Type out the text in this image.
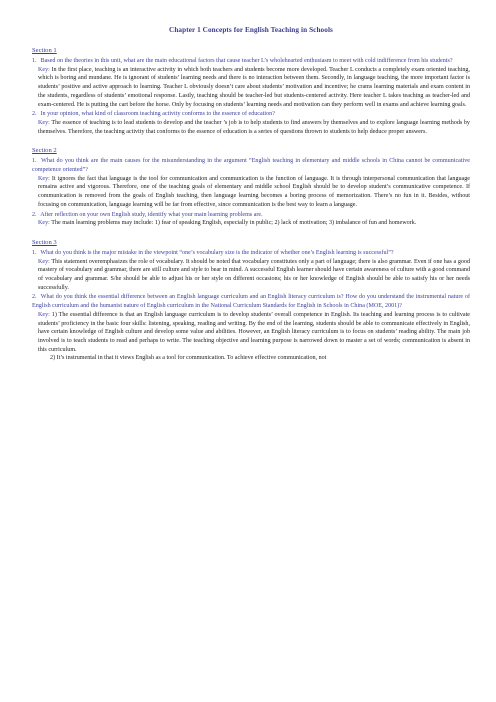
Chapter 1 Concepts for English Teaching in Schools
Section 1
1. Based on the theories in this unit, what are the main educational factors that cause teacher L’s wholehearted enthusiasm to meet with cold indifference from his students?
Key: In the first place, teaching is an interactive activity in which both teachers and students become more developed. Teacher L conducts a completely exam oriented teaching, which is boring and mundane. He is ignorant of students’ learning needs and there is no interaction between them. Secondly, in language teaching, the more important factor is students’ positive and active approach to learning. Teacher L obviously doesn’t care about students’ motivation and incentive; he crams learning materials and exam content in the students, regardless of students’ emotional response. Lastly, teaching should be teacher-led but students-centered activity. Here teacher L takes teaching as teacher-led and exam-centered. He is putting the cart before the horse. Only by focusing on students’ learning needs and motivation can they perform well in exams and achieve learning goals.
2. In your opinion, what kind of classroom teaching activity conforms to the essence of education?
Key: The essence of teaching is to lead students to develop and the teacher ’s job is to help students to find answers by themselves and to explore language learning methods by themselves. Therefore, the teaching activity that conforms to the essence of education is a series of questions thrown to students to help deduce proper answers.
Section 2
1. What do you think are the main causes for the misunderstanding in the argument “English teaching in elementary and middle schools in China cannot be communicative competence oriented”?
Key: It ignores the fact that language is the tool for communication and communication is the function of language. It is through interpersonal communication that language remains active and vigorous. Therefore, one of the teaching goals of elementary and middle school English should be to develop student’s communicative competence. If communication is removed from the goals of English teaching, then language learning becomes a boring process of memorization. There’s no fun in it. Besides, without focusing on communication, language learning will be far from effective, since communication is the best way to learn a language.
2. After reflection on your own English study, identify what your main learning problems are.
Key: The main learning problems may include: 1) fear of speaking English, especially in public; 2) lack of motivation; 3) imbalance of fun and homework.
Section 3
1. What do you think is the major mistake in the viewpoint “one’s vocabulary size is the indicator of whether one’s English learning is successful”?
Key: This statement overemphasizes the role of vocabulary. It should be noted that vocabulary constitutes only a part of language; there is also grammar. Even if one has a good mastery of vocabulary and grammar, there are still culture and style to bear in mind. A successful English learner should have certain awareness of culture with a good command of vocabulary and grammar. S/he should be able to adjust his or her style on different occasions; his or her knowledge of English should be able to satisfy his or her needs successfully.
2. What do you think the essential difference between an English language curriculum and an English literacy curriculum is? How do you understand the instrumental nature of English curriculum and the humanist nature of English curriculum in the National Curriculum Standards for English in Schools in China (MOE, 2001)?
Key: 1) The essential difference is that an English language curriculum is to develop students’ overall competence in English. Its teaching and learning process is to cultivate students’ proficiency in the basic four skills: listening, speaking, reading and writing. By the end of the learning, students should be able to communicate effectively in English, have certain knowledge of English culture and develop some value and abilities. However, an English literacy curriculum is to focus on students’ reading ability. The main job involved is to teach students to read and perhaps to write. The teaching objective and learning purpose is narrowed down to master a set of words; communication is absent in this curriculum.
2) It’s instrumental in that it views English as a tool for communication. To achieve effective communication, not
